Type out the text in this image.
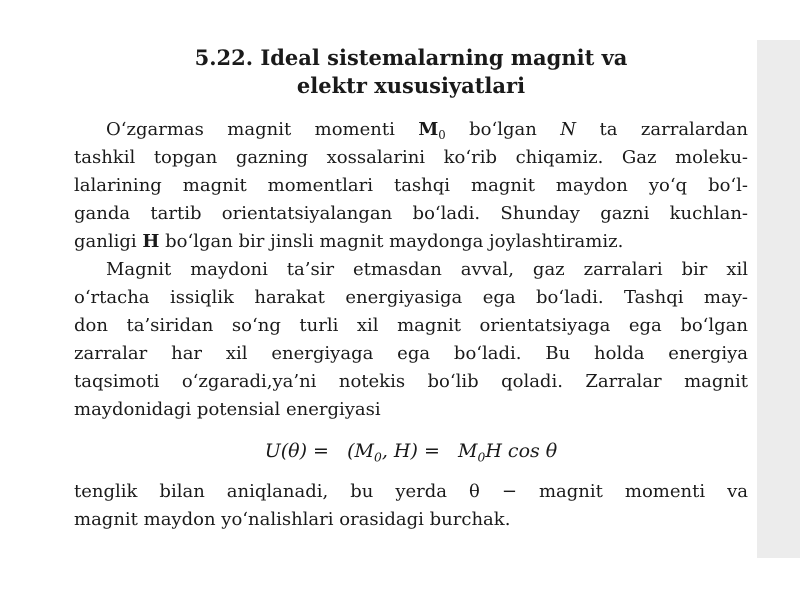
5.22. Ideal sistemalarning magnit va
elektr xususiyatlari
O‘zgarmas magnit momenti $M_0$ bo‘lgan N ta zarralardan
tashkil topgan gazning xossalarini ko‘rib chiqamiz. Gaz moleku-
lalarining magnit momentlari tashqi magnit maydon yo‘q bo‘l-
ganda tartib orientatsiyalangan bo‘ladi. Shunday gazni kuchlan-
ganligi H bo‘lgan bir jinsli magnit maydonga joylashtiramiz.
Magnit maydoni ta’sir etmasdan avval, gaz zarralari bir xil
o‘rtacha issiqlik harakat energiyasiga ega bo‘ladi. Tashqi may-
don ta’siridan so‘ng turli xil magnit orientatsiyaga ega bo‘lgan
zarralar har xil energiyaga ega bo‘ladi. Bu holda energiya
taqsimoti o‘zgaradi,ya’ni notekis bo‘lib qoladi. Zarralar magnit
maydonidagi potensial energiyasi
$U(\theta) = (M_0$, $H) = M_0H$ cos θ
tenglik bilan aniqlanadi, bu yerda θ − magnit momenti va
magnit maydon yo‘nalishlari orasidagi burchak.
